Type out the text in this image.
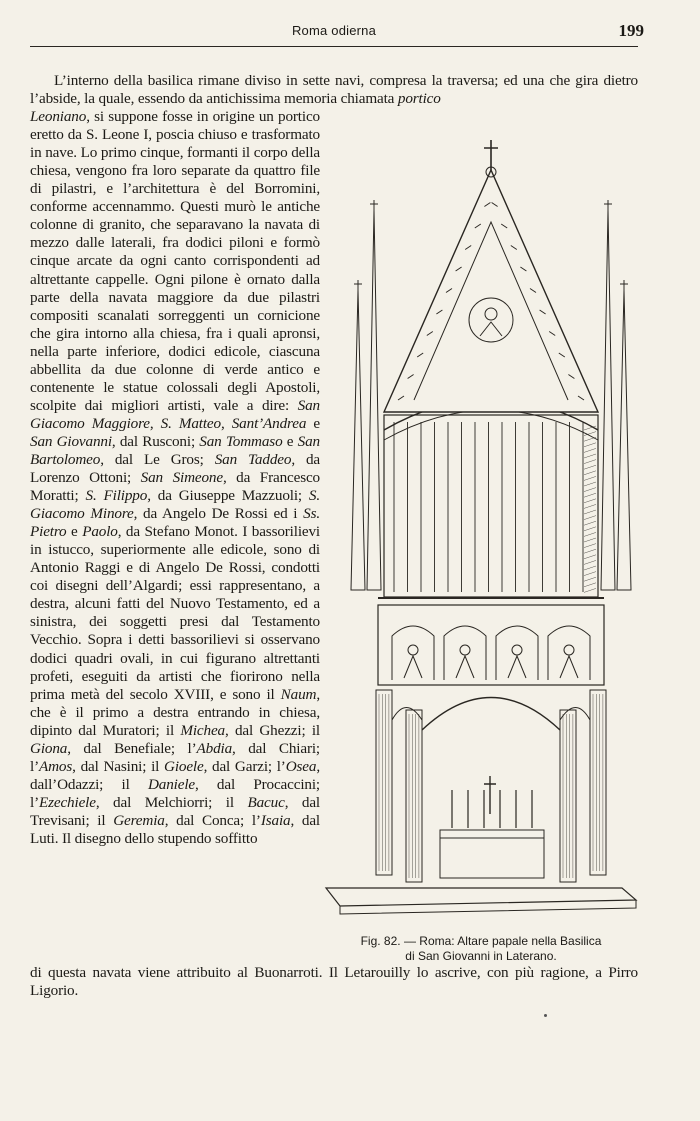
Roma odierna	199

L’interno della basilica rimane diviso in sette navi, compresa la traversa; ed una che gira dietro l’abside, la quale, essendo da antichissima memoria chiamata portico

di questa navata viene attribuito al Buonarroti. Il Letarouilly lo ascrive, con più ragione, a Pirro Ligorio.

Fig. 82. — Roma: Altare papale nella Basilica
di San Giovanni in Laterano.

Leoniano, si suppone fosse in origine un portico eretto da S. Leone I, poscia chiuso e trasformato in nave. Lo primo cinque, formanti il corpo della chiesa, vengono fra loro separate da quattro file di pilastri, e l’architettura è del Borromini, conforme accennammo. Questi murò le antiche colonne di granito, che separavano la navata di mezzo dalle laterali, fra dodici piloni e formò cinque arcate da ogni canto corrispondenti ad altrettante cappelle. Ogni pilone è ornato dalla parte della navata maggiore da due pilastri compositi scanalati sorreggenti un cornicione che gira intorno alla chiesa, fra i quali apronsi, nella parte inferiore, dodici edicole, ciascuna abbellita da due colonne di verde antico e contenente le statue colossali degli Apostoli, scolpite dai migliori artisti, vale a dire: San Giacomo Maggiore, S. Matteo, Sant’Andrea e San Giovanni, dal Rusconi; San Tommaso e San Bartolomeo, dal Le Gros; San Taddeo, da Lorenzo Ottoni; San Simeone, da Francesco Moratti; S. Filippo, da Giuseppe Mazzuoli; S. Giacomo Minore, da Angelo De Rossi ed i Ss. Pietro e Paolo, da Stefano Monot. I bassorilievi in istucco, superiormente alle edicole, sono di Antonio Raggi e di Angelo De Rossi, condotti coi disegni dell’Algardi; essi rappresentano, a destra, alcuni fatti del Nuovo Testamento, ed a sinistra, dei soggetti presi dal Testamento Vecchio. Sopra i detti bassorilievi si osservano dodici quadri ovali, in cui figurano altrettanti profeti, eseguiti da artisti che fiorirono nella prima metà del secolo XVIII, e sono il Naum, che è il primo a destra entrando in chiesa, dipinto dal Muratori; il Michea, dal Ghezzi; il Giona, dal Benefiale; l’Abdia, dal Chiari; l’Amos, dal Nasini; il Gioele, dal Garzi; l’Osea, dall’Odazzi; il Daniele, dal Procaccini; l’Ezechiele, dal Melchiorri; il Bacuc, dal Trevisani; il Geremia, dal Conca; l’Isaia, dal Luti. Il disegno dello stupendo soffitto
